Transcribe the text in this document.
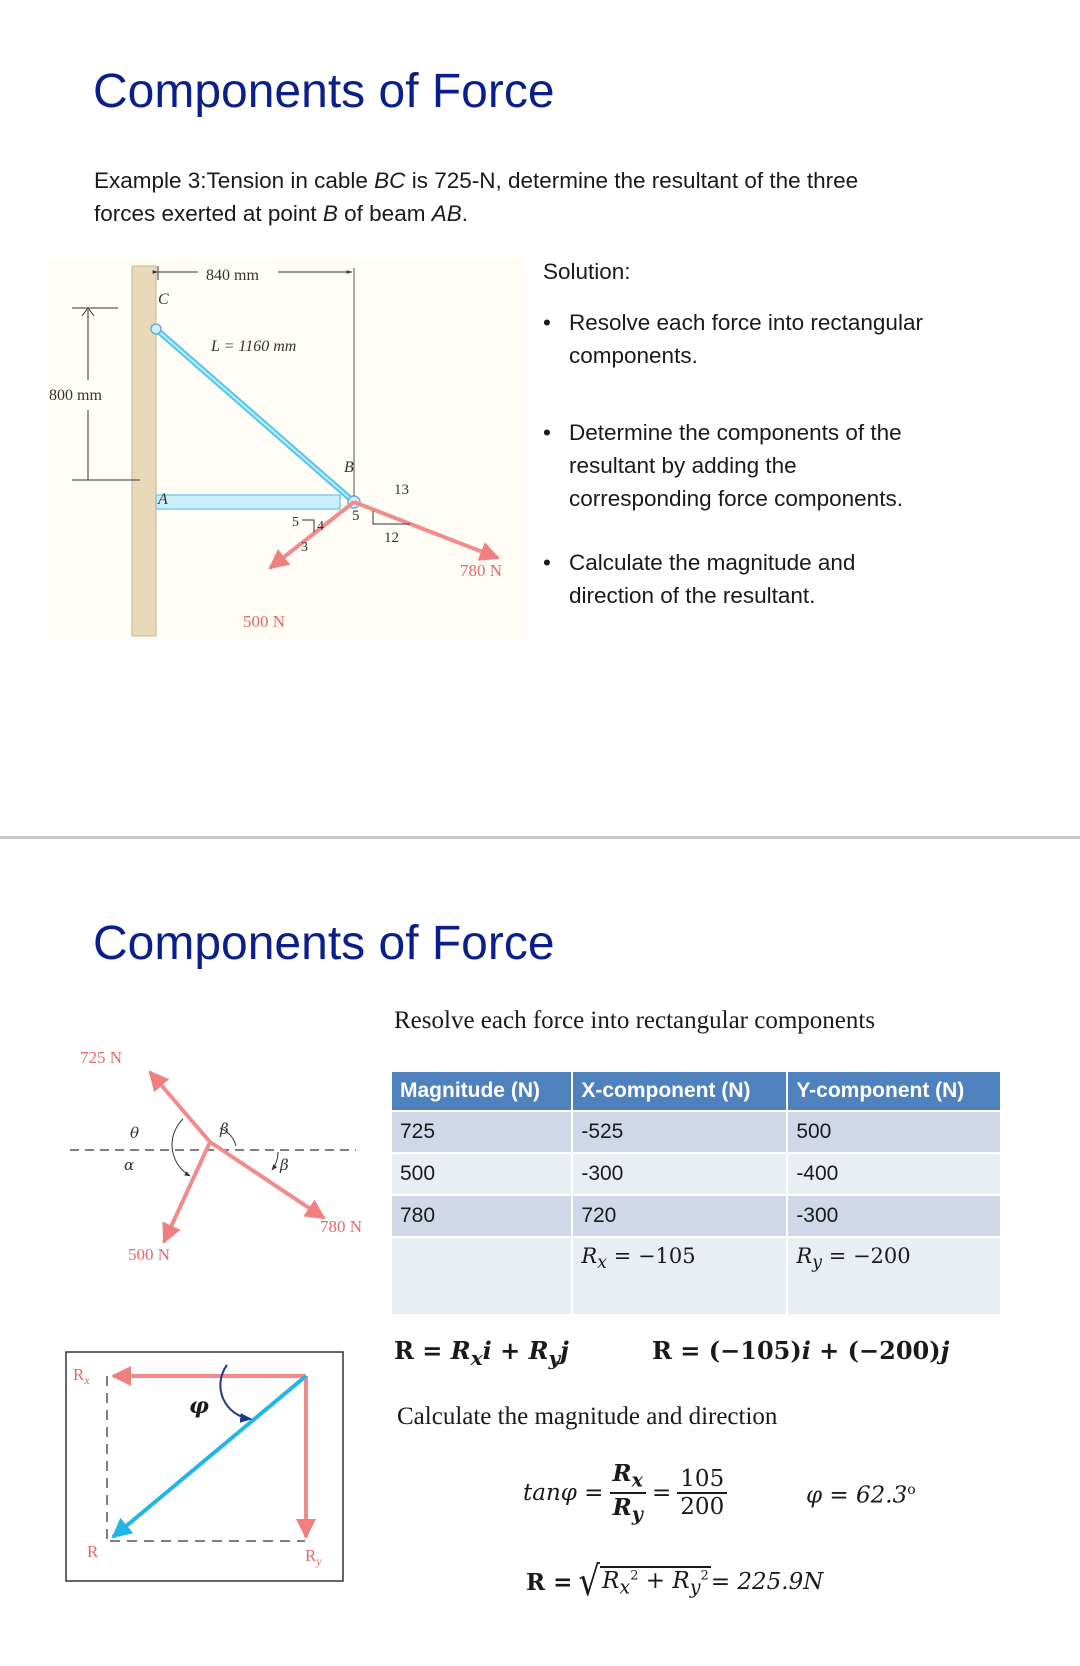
Components of Force
Example 3:Tension in cable BC is 725-N, determine the resultant of the three
forces exerted at point B of beam AB.
840 mm
L = 1160 mm
800 mm
C
A
B
5 4
3
13
5
12
780 N
500 N
Solution:
• Resolve each force into rectangular
components.
• Determine the components of the
resultant by adding the
corresponding force components.
• Calculate the magnitude and
direction of the resultant.
Components of Force
Resolve each force into rectangular components
725 N
500 N
780 N
θ
α
β
β
Magnitude (N)	X-component (N)	Y-component (N)
725	-525	500
500	-300	-400
780	720	-300
	$R_x = -105$	$R_y = -200$
$R = R_xi + R_yj$	R = (−105)i + (−200)j
Calculate the magnitude and direction
$R_x$
R	$R_y$
φ
$\tan\varphi = \frac{R_x}{R_y} = \frac{105}{200}$	$\varphi = 62.3^o$
R = √ $R_x^2 + R_y^2 = 225.9N$
